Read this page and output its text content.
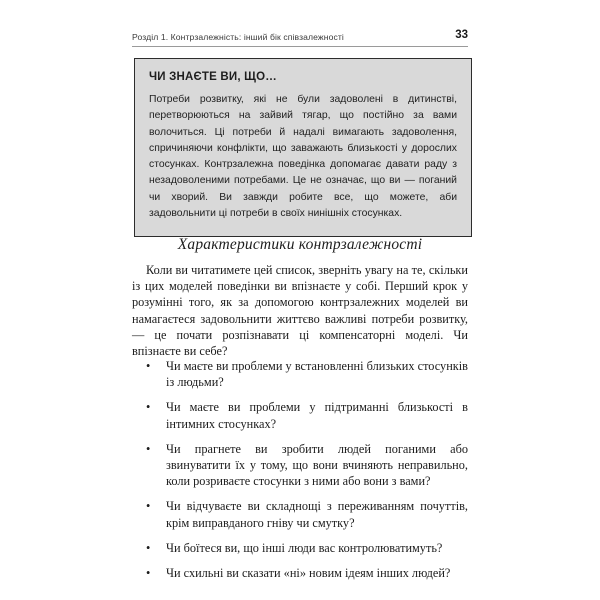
Розділ 1. Контрзалежність: інший бік співзалежності	33
ЧИ ЗНАЄТЕ ВИ, ЩО…

Потреби розвитку, які не були задоволені в дитинстві, перетворюються на зайвий тягар, що постійно за вами волочиться. Ці потреби й надалі вимагають задоволення, спричиняючи конфлікти, що заважають близькості у дорослих стосунках. Контрзалежна поведінка допомагає давати раду з незадоволеними потребами. Це не означає, що ви — поганий чи хворий. Ви завжди робите все, що можете, аби задовольнити ці потреби в своїх нинішніх стосунках.

Характеристики контрзалежності

Коли ви читатимете цей список, зверніть увагу на те, скільки із цих моделей поведінки ви впізнаєте у собі. Перший крок у розумінні того, як за допомогою контрзалежних моделей ви намагаєтеся задовольнити життєво важливі потреби розвитку, — це почати розпізнавати ці компенсаторні моделі. Чи впізнаєте ви себе?

• Чи маєте ви проблеми у встановленні близьких стосунків із людьми?
• Чи маєте ви проблеми у підтриманні близькості в інтимних стосунках?
• Чи прагнете ви зробити людей поганими або звинуватити їх у тому, що вони вчиняють неправильно, коли розриваєте стосунки з ними або вони з вами?
• Чи відчуваєте ви складнощі з переживанням почуттів, крім виправданого гніву чи смутку?
• Чи боїтеся ви, що інші люди вас контролюватимуть?
• Чи схильні ви сказати «ні» новим ідеям інших людей?
